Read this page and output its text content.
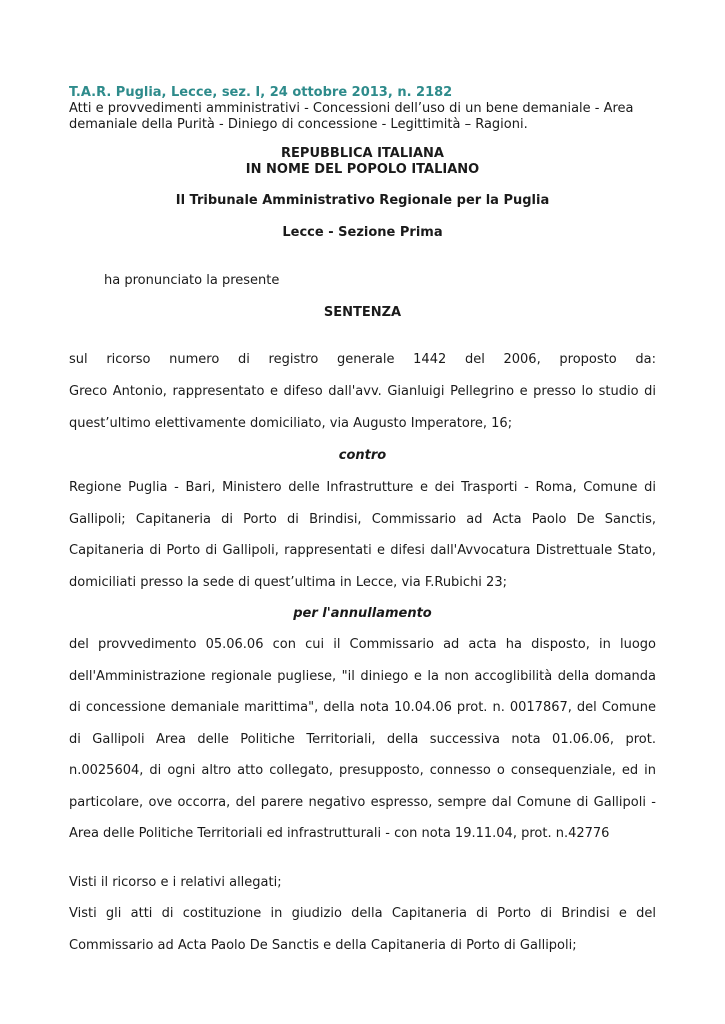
T.A.R. Puglia, Lecce, sez. I, 24 ottobre 2013, n. 2182
Atti e provvedimenti amministrativi - Concessioni dell’uso di un bene demaniale - Area demaniale della Purità - Diniego di concessione - Legittimità – Ragioni.
REPUBBLICA ITALIANA
IN NOME DEL POPOLO ITALIANO
Il Tribunale Amministrativo Regionale per la Puglia
Lecce - Sezione Prima
ha pronunciato la presente
SENTENZA
sul ricorso numero di registro generale 1442 del 2006, proposto da:
Greco Antonio, rappresentato e difeso dall'avv. Gianluigi Pellegrino e presso lo studio di quest’ultimo elettivamente domiciliato, via Augusto Imperatore, 16;
contro
Regione Puglia - Bari, Ministero delle Infrastrutture e dei Trasporti - Roma, Comune di Gallipoli; Capitaneria di Porto di Brindisi, Commissario ad Acta Paolo De Sanctis, Capitaneria di Porto di Gallipoli, rappresentati e difesi dall'Avvocatura Distrettuale Stato, domiciliati presso la sede di quest’ultima in Lecce, via F.Rubichi 23;
per l'annullamento
del provvedimento 05.06.06 con cui il Commissario ad acta ha disposto, in luogo dell'Amministrazione regionale pugliese, "il diniego e la non accoglibilità della domanda di concessione demaniale marittima", della nota 10.04.06 prot. n. 0017867, del Comune di Gallipoli Area delle Politiche Territoriali, della successiva nota 01.06.06, prot. n.0025604, di ogni altro atto collegato, presupposto, connesso o consequenziale, ed in particolare, ove occorra, del parere negativo espresso, sempre dal Comune di Gallipoli - Area delle Politiche Territoriali ed infrastrutturali - con nota 19.11.04, prot. n.42776
Visti il ricorso e i relativi allegati;
Visti gli atti di costituzione in giudizio della Capitaneria di Porto di Brindisi e del Commissario ad Acta Paolo De Sanctis e della Capitaneria di Porto di Gallipoli;
